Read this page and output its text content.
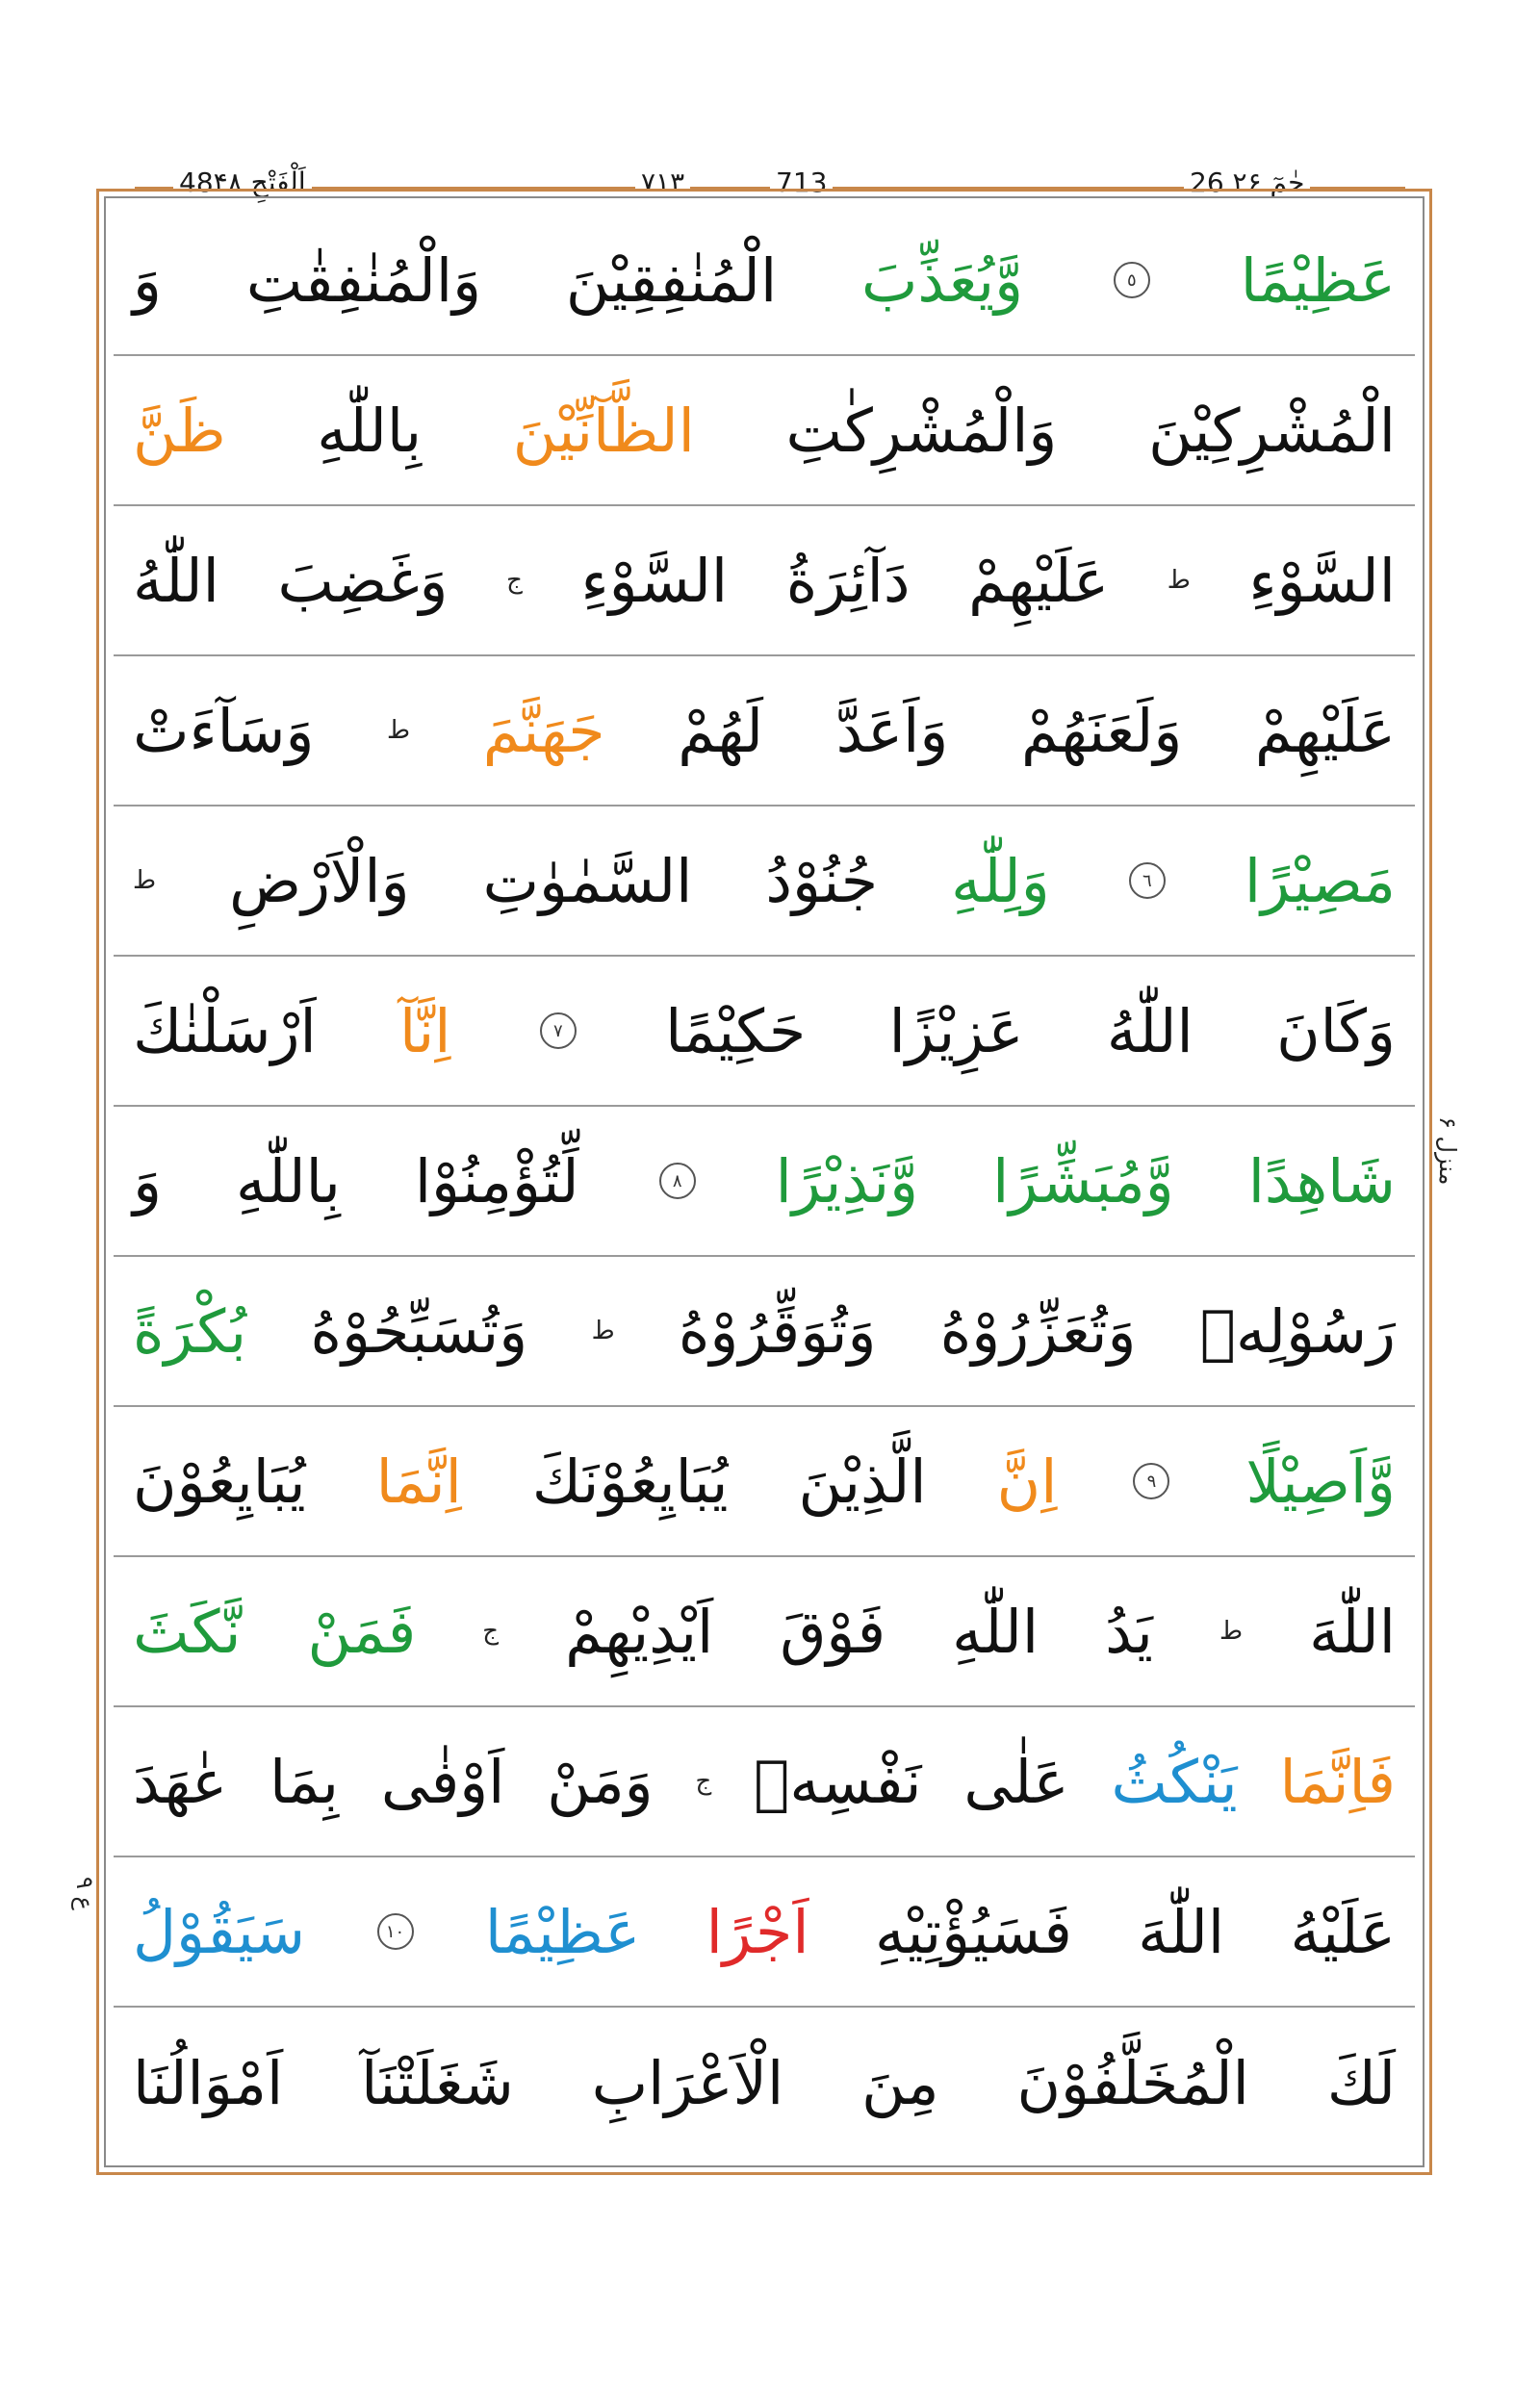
48اَلْفَتْحِ ۴۸	۷۱۳	713	حٰمٓ ۲۶ 26
عَظِيْمًا
٥
وَّيُعَذِّبَ
الْمُنٰفِقِيْنَ
وَالْمُنٰفِقٰتِ
وَ
الْمُشْرِكِيْنَ
وَالْمُشْرِكٰتِ
الظَّآنِّيْنَ
بِاللّٰهِ
ظَنَّ
السَّوْءِ
ط
عَلَيْهِمْ
دَآئِرَةُ
السَّوْءِ
ج
وَغَضِبَ
اللّٰهُ
عَلَيْهِمْ
وَلَعَنَهُمْ
وَاَعَدَّ
لَهُمْ
جَهَنَّمَ
ط
وَسَآءَتْ
مَصِيْرًا
٦
وَلِلّٰهِ
جُنُوْدُ
السَّمٰوٰتِ
وَالْاَرْضِ
ط
وَكَانَ
اللّٰهُ
عَزِيْزًا
حَكِيْمًا
٧
اِنَّآ
اَرْسَلْنٰكَ
شَاهِدًا
وَّمُبَشِّرًا
وَّنَذِيْرًا
٨
لِّتُؤْمِنُوْا
بِاللّٰهِ
وَ
رَسُوْلِهٖ
وَتُعَزِّرُوْهُ
وَتُوَقِّرُوْهُ
ط
وَتُسَبِّحُوْهُ
بُكْرَةً
وَّاَصِيْلًا
٩
اِنَّ
الَّذِيْنَ
يُبَايِعُوْنَكَ
اِنَّمَا
يُبَايِعُوْنَ
اللّٰهَ
ط
يَدُ
اللّٰهِ
فَوْقَ
اَيْدِيْهِمْ
ج
فَمَنْ
نَّكَثَ
فَاِنَّمَا
يَنْكُثُ
عَلٰى
نَفْسِهٖ
ج
وَمَنْ
اَوْفٰى
بِمَا
عٰهَدَ
عَلَيْهُ
اللّٰهَ
فَسَيُؤْتِيْهِ
اَجْرًا
عَظِيْمًا
١٠
سَيَقُوْلُ
لَكَ
الْمُخَلَّفُوْنَ
مِنَ
الْاَعْرَابِ
شَغَلَتْنَآ
اَمْوَالُنَا
منزل ۶
ع ۹
